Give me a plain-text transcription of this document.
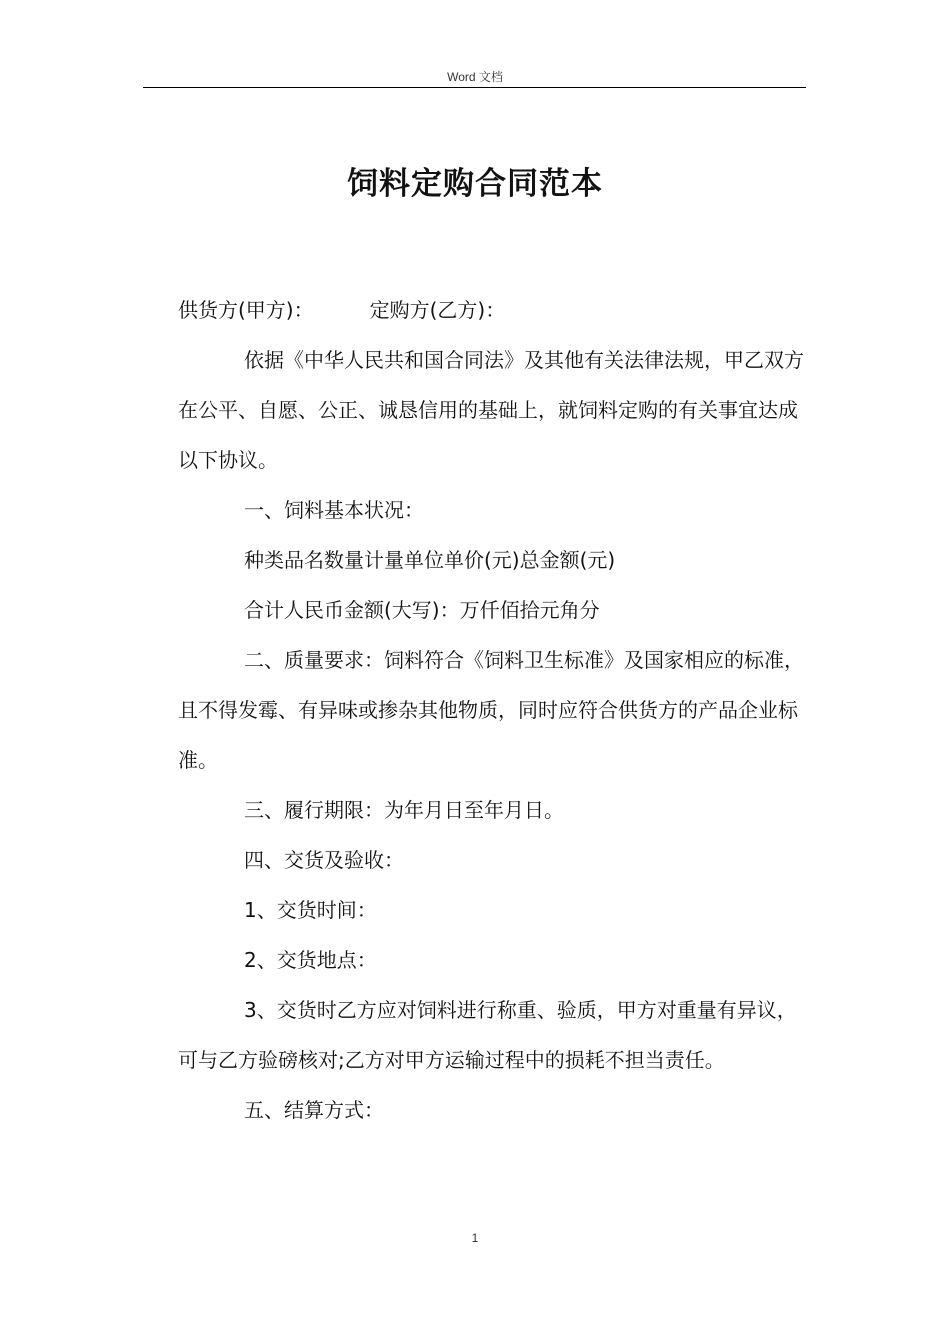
Word 文档
饲料定购合同范本

供货方(甲方)：	定购方(乙方)：

依据《中华人民共和国合同法》及其他有关法律法规，甲乙双方在公平、自愿、公正、诚恳信用的基础上，就饲料定购的有关事宜达成以下协议。

一、饲料基本状况：

种类品名数量计量单位单价(元)总金额(元)

合计人民币金额(大写)：万仟佰拾元角分

二、质量要求：饲料符合《饲料卫生标准》及国家相应的标准，且不得发霉、有异味或掺杂其他物质，同时应符合供货方的产品企业标准。

三、履行期限：为年月日至年月日。

四、交货及验收：

1、交货时间：

2、交货地点：

3、交货时乙方应对饲料进行称重、验质，甲方对重量有异议，可与乙方验磅核对;乙方对甲方运输过程中的损耗不担当责任。

五、结算方式：

1
